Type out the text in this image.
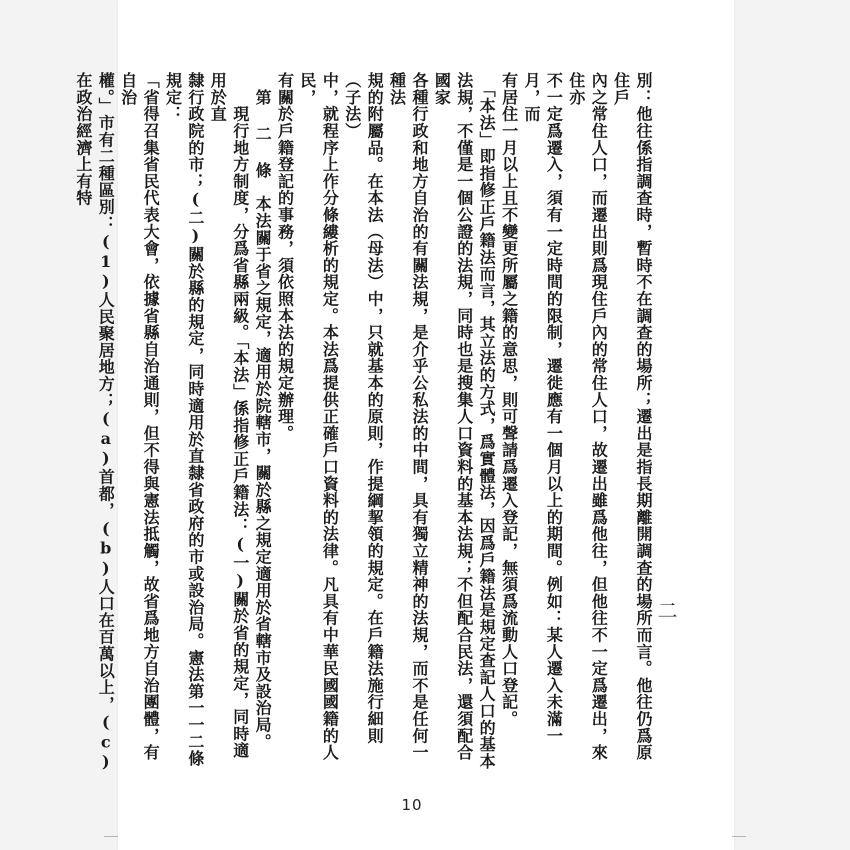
別：他往係指調查時，暫時不在調查的場所；遷出是指長期離開調查的場所而言。他往仍爲原住戶

內之常住人口，而遷出則爲現住戶內的常住人口，故遷出雖爲他往，但他往不一定爲遷出，來住亦

不一定爲遷入，須有一定時間的限制，遷徙應有一個月以上的期間。例如：某人遷入未滿一月，而

有居住一月以上且不變更所屬之籍的意思，則可聲請爲遷入登記，無須爲流動人口登記。

　「本法」即指修正戶籍法而言，其立法的方式，爲實體法，因爲戶籍法是規定查記人口的基本

法規，不僅是一個公證的法規，同時也是搜集人口資料的基本法規；不但配合民法，還須配合國家

各種行政和地方自治的有關法規，是介乎公私法的中間，具有獨立精神的法規，而不是任何一種法

規的附屬品。在本法（母法）中，只就基本的原則，作提綱挈領的規定。在戶籍法施行細則（子法）

中，就程序上作分條縷析的規定。本法爲提供正確戶口資料的法律。凡具有中華民國國籍的人民，

有關於戶籍登記的事務，須依照本法的規定辦理。

　第 二 條　本法關于省之規定，適用於院轄市，關於縣之規定適用於省轄市及設治局。

　　現行地方制度，分爲省縣兩級。「本法」係指修正戶籍法：(一)關於省的規定，同時適用於直

隸行政院的市；(二)關於縣的規定，同時適用於直隸省政府的市或設治局。憲法第一一二條規定：

「省得召集省民代表大會，依據省縣自治通則，但不得與憲法抵觸，故省爲地方自治團體，有自治

權。」市有二種區別：(1)人民聚居地方；(a)首都，(b)人口在百萬以上，(c)在政治經濟上有特

二
10
